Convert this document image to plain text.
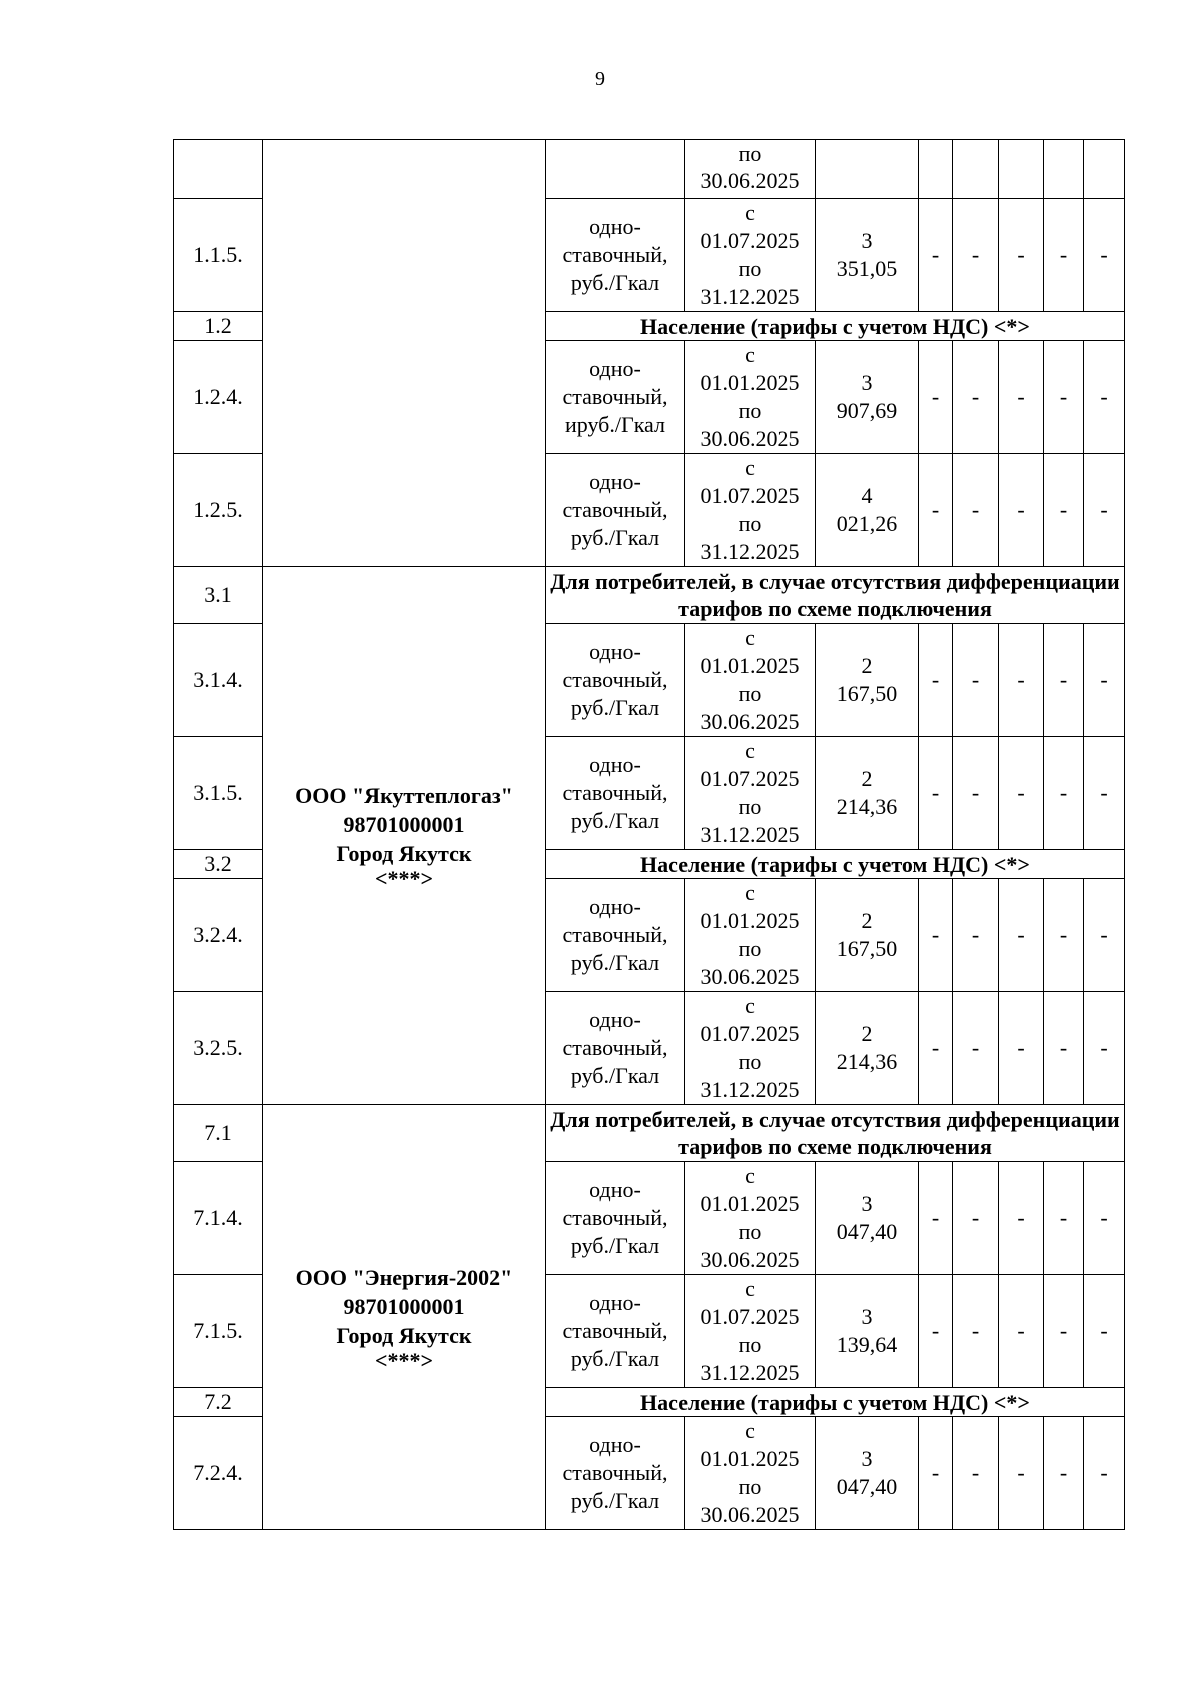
9
			по
30.06.2025						
1.1.5.		одно-
ставочный,
руб./Гкал	с
01.07.2025
по
31.12.2025	3
351,05	-	-	-	-	-
1.2		Население (тарифы с учетом НДС) <*>							
1.2.4.		одно-
ставочный,
ируб./Гкал	с
01.01.2025
по
30.06.2025	3
907,69	-	-	-	-	-
1.2.5.		одно-
ставочный,
руб./Гкал	с
01.07.2025
по
31.12.2025	4
021,26	-	-	-	-	-
3.1	ООО "Якуттеплогаз"
98701000001
Город Якутск
<***>	Для потребителей, в случае отсутствия дифференциации тарифов по схеме подключения							
3.1.4.		одно-
ставочный,
руб./Гкал	с
01.01.2025
по
30.06.2025	2
167,50	-	-	-	-	-
3.1.5.		одно-
ставочный,
руб./Гкал	с
01.07.2025
по
31.12.2025	2
214,36	-	-	-	-	-
3.2		Население (тарифы с учетом НДС) <*>							
3.2.4.		одно-
ставочный,
руб./Гкал	с
01.01.2025
по
30.06.2025	2
167,50	-	-	-	-	-
3.2.5.		одно-
ставочный,
руб./Гкал	с
01.07.2025
по
31.12.2025	2
214,36	-	-	-	-	-
7.1	ООО "Энергия-2002"
98701000001
Город Якутск
<***>	Для потребителей, в случае отсутствия дифференциации тарифов по схеме подключения							
7.1.4.		одно-
ставочный,
руб./Гкал	с
01.01.2025
по
30.06.2025	3
047,40	-	-	-	-	-
7.1.5.		одно-
ставочный,
руб./Гкал	с
01.07.2025
по
31.12.2025	3
139,64	-	-	-	-	-
7.2		Население (тарифы с учетом НДС) <*>							
7.2.4.		одно-
ставочный,
руб./Гкал	с
01.01.2025
по
30.06.2025	3
047,40	-	-	-	-	-
